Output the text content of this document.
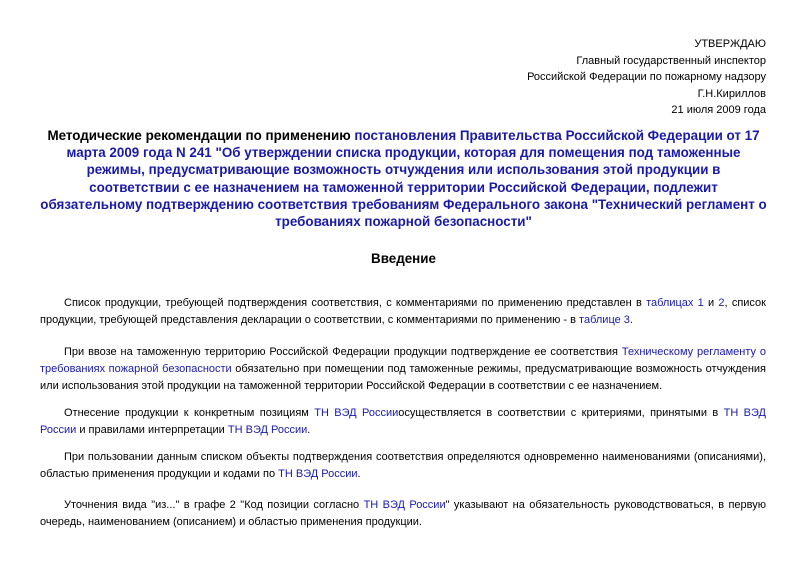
УТВЕРЖДАЮ
Главный государственный инспектор
Российской Федерации по пожарному надзору
Г.Н.Кириллов
21 июля 2009 года
Методические рекомендации по применению постановления Правительства Российской Федерации от 17 марта 2009 года N 241 "Об утверждении списка продукции, которая для помещения под таможенные режимы, предусматривающие возможность отчуждения или использования этой продукции в соответствии с ее назначением на таможенной территории Российской Федерации, подлежит обязательному подтверждению соответствия требованиям Федерального закона "Технический регламент о требованиях пожарной безопасности"
Введение
Список продукции, требующей подтверждения соответствия, с комментариями по применению представлен в таблицах 1 и 2, список продукции, требующей представления декларации о соответствии, с комментариями по применению - в таблице 3.
При ввозе на таможенную территорию Российской Федерации продукции подтверждение ее соответствия Техническому регламенту о требованиях пожарной безопасности обязательно при помещении под таможенные режимы, предусматривающие возможность отчуждения или использования этой продукции на таможенной территории Российской Федерации в соответствии с ее назначением.
Отнесение продукции к конкретным позициям ТН ВЭД Россииосуществляется в соответствии с критериями, принятыми в ТН ВЭД России и правилами интерпретации ТН ВЭД России.
При пользовании данным списком объекты подтверждения соответствия определяются одновременно наименованиями (описаниями), областью применения продукции и кодами по ТН ВЭД России.
Уточнения вида "из..." в графе 2 "Код позиции согласно ТН ВЭД России" указывают на обязательность руководствоваться, в первую очередь, наименованием (описанием) и областью применения продукции.
